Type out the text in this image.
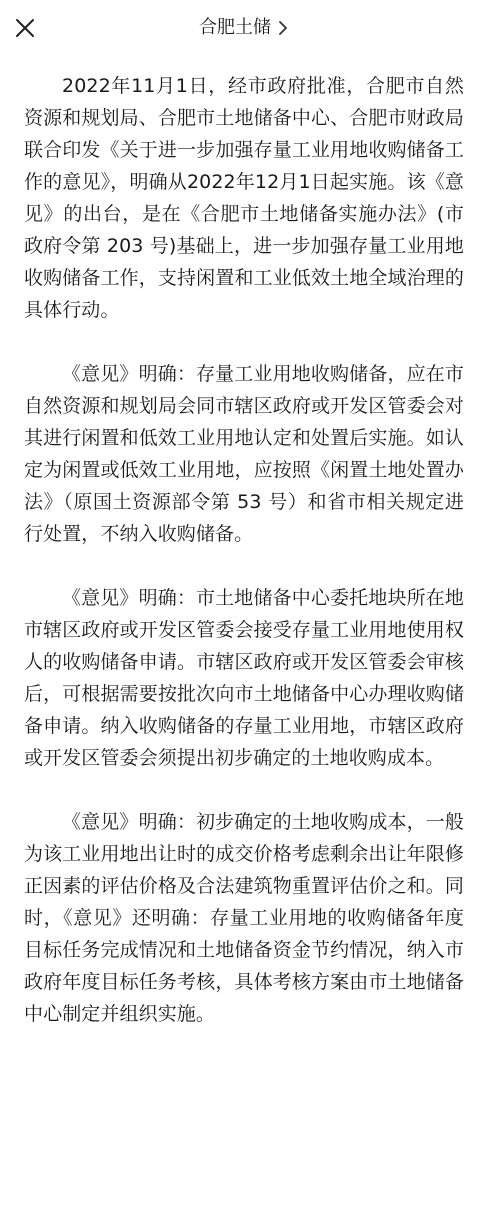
合肥土储

2022年11月1日，经市政府批准，合肥市自然资源和规划局、合肥市土地储备中心、合肥市财政局联合印发《关于进一步加强存量工业用地收购储备工作的意见》，明确从2022年12月1日起实施。该《意见》的出台，是在《合肥市土地储备实施办法》(市政府令第 203 号)基础上，进一步加强存量工业用地收购储备工作，支持闲置和工业低效土地全域治理的具体行动。

《意见》明确：存量工业用地收购储备，应在市自然资源和规划局会同市辖区政府或开发区管委会对其进行闲置和低效工业用地认定和处置后实施。如认定为闲置或低效工业用地，应按照《闲置土地处置办法》（原国土资源部令第 53 号）和省市相关规定进行处置，不纳入收购储备。

《意见》明确：市土地储备中心委托地块所在地市辖区政府或开发区管委会接受存量工业用地使用权人的收购储备申请。市辖区政府或开发区管委会审核后，可根据需要按批次向市土地储备中心办理收购储备申请。纳入收购储备的存量工业用地，市辖区政府或开发区管委会须提出初步确定的土地收购成本。

《意见》明确：初步确定的土地收购成本，一般为该工业用地出让时的成交价格考虑剩余出让年限修正因素的评估价格及合法建筑物重置评估价之和。同时，《意见》还明确：存量工业用地的收购储备年度目标任务完成情况和土地储备资金节约情况，纳入市政府年度目标任务考核，具体考核方案由市土地储备中心制定并组织实施。
